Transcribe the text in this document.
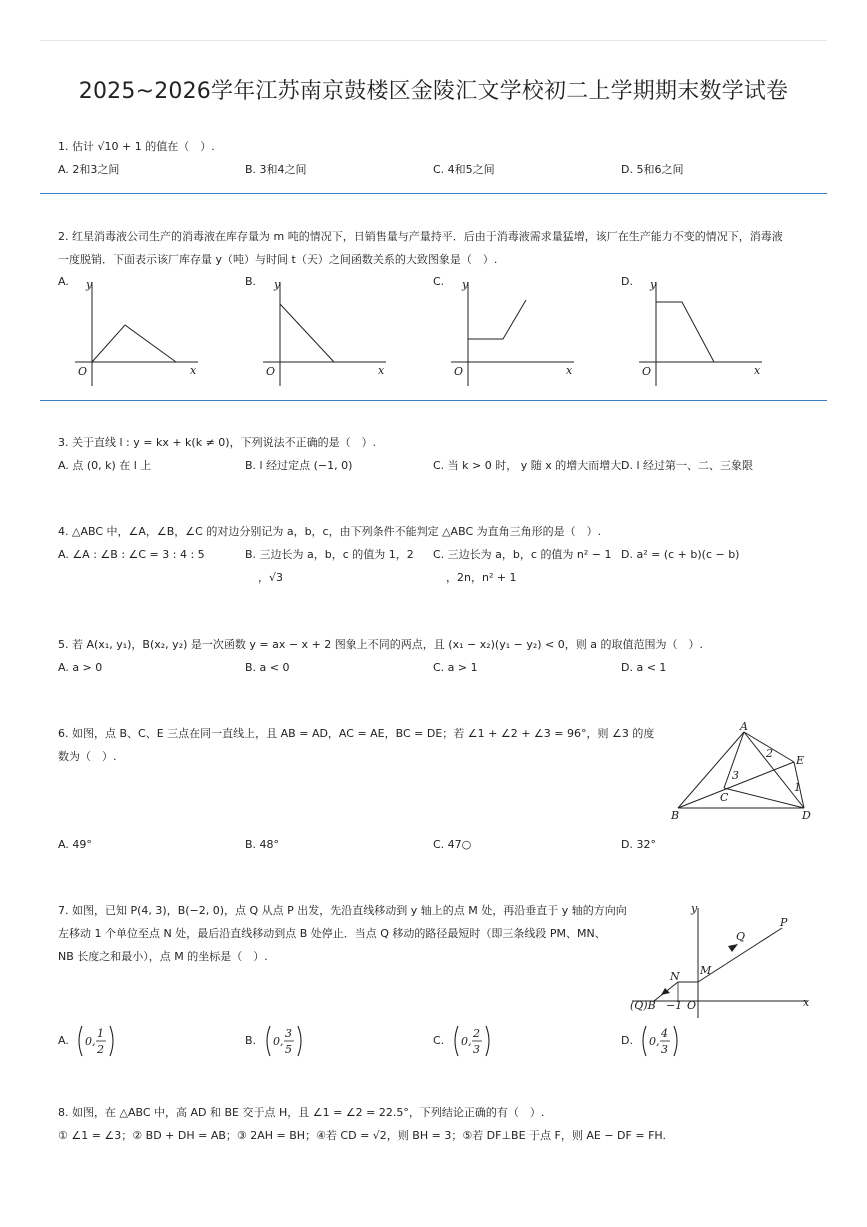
2025~2026学年江苏南京鼓楼区金陵汇文学校初二上学期期末数学试卷
1. 估计 √10 + 1 的值在（　）.
A. 2和3之间	B. 3和4之间	C. 4和5之间	D. 5和6之间
2. 红星消毒液公司生产的消毒液在库存量为 m 吨的情况下，日销售量与产量持平．后由于消毒液需求量猛增，该厂在生产能力不变的情况下，消毒液
一度脱销．下面表示该厂库存量 y（吨）与时间 t（天）之间函数关系的大致图象是（　）.
A.	B.	C.	D.
y
x
O
y
x
O
y
x
O
y
x
O
3. 关于直线 l : y = kx + k(k ≠ 0)，下列说法不正确的是（　）.
A. 点 (0, k) 在 l 上	B. l 经过定点 (−1, 0)	C. 当 k > 0 时， y 随 x 的增大而增大 D. l 经过第一、二、三象限
4. △ABC 中，∠A，∠B，∠C 的对边分别记为 a，b，c，由下列条件不能判定 △ABC 为直角三角形的是（　）.
A. ∠A : ∠B : ∠C = 3 : 4 : 5	B. 三边长为 a，b，c 的值为 1，2
，√3
C. 三边长为 a，b，c 的值为 n² − 1
，2n，n² + 1
D. a² = (c + b)(c − b)
5. 若 A(x₁, y₁)，B(x₂, y₂) 是一次函数 y = ax − x + 2 图象上不同的两点，且 (x₁ − x₂)(y₁ − y₂) < 0，则 a 的取值范围为（　）.
A. a > 0	B. a < 0	C. a > 1	D. a < 1
6. 如图，点 B、C、E 三点在同一直线上，且 AB = AD，AC = AE，BC = DE；若 ∠1 + ∠2 + ∠3 = 96°，则 ∠3 的度
数为（　）.
A
B
C
D
E
1
2
3
A. 49°	B. 48°	C. 47○	D. 32°
7. 如图，已知 P(4, 3)，B(−2, 0)，点 Q 从点 P 出发，先沿直线移动到 y 轴上的点 M 处，再沿垂直于 y 轴的方向向
左移动 1 个单位至点 N 处，最后沿直线移动到点 B 处停止．当点 Q 移动的路径最短时（即三条线段 PM、MN、
NB 长度之和最小），点 M 的坐标是（　）.
y
x
P
Q
M
N
(Q)B −1 O
A.	B.	C.	D.
0,
1
2
0,
3
5
0,
2
3
0,
4
3
8. 如图，在 △ABC 中，高 AD 和 BE 交于点 H，且 ∠1 = ∠2 = 22.5°，下列结论正确的有（　）.
① ∠1 = ∠3；② BD + DH = AB；③ 2AH = BH；④若 CD = √2，则 BH = 3；⑤若 DF⊥BE 于点 F，则 AE − DF = FH.
